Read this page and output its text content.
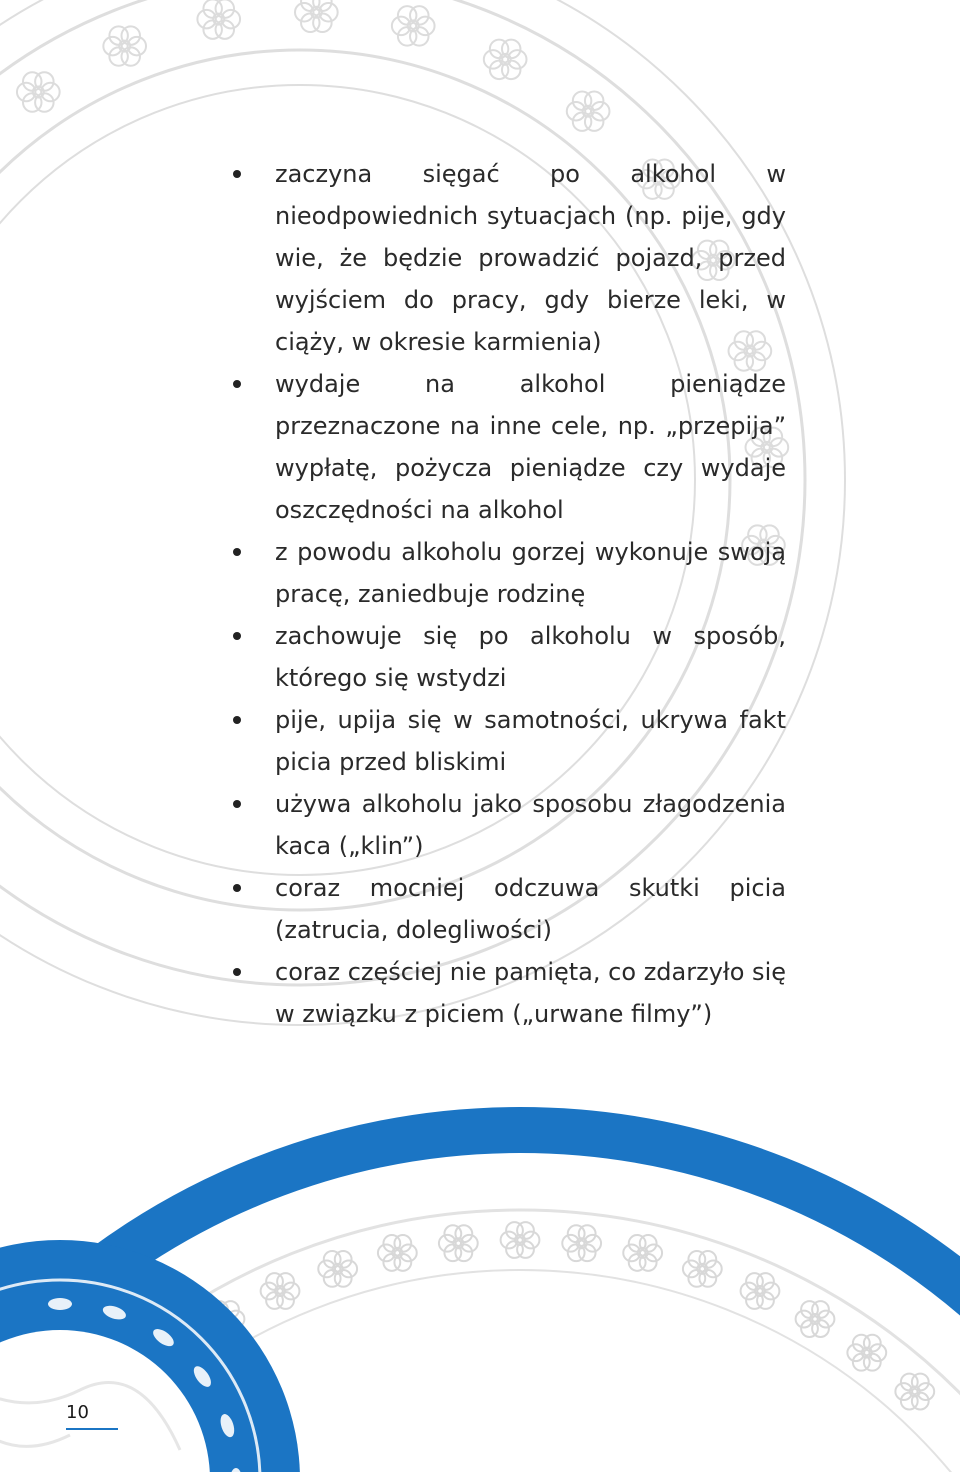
zaczyna sięgać po alkohol w nieodpowiednich sytuacjach (np. pije, gdy wie, że będzie prowadzić pojazd, przed wyjściem do pracy, gdy bierze leki, w ciąży, w okresie karmienia)
wydaje na alkohol pieniądze przeznaczone na inne cele, np. „przepija” wypłatę, pożycza pieniądze czy wydaje oszczędności na alkohol
z powodu alkoholu gorzej wykonuje swoją pracę, zaniedbuje rodzinę
zachowuje się po alkoholu w sposób, którego się wstydzi
pije, upija się w samotności, ukrywa fakt picia przed bliskimi
używa alkoholu jako sposobu złagodzenia kaca („klin”)
coraz mocniej odczuwa skutki picia (zatrucia, dolegliwości)
coraz częściej nie pamięta, co zdarzyło się w związku z piciem („urwane filmy”)
10
